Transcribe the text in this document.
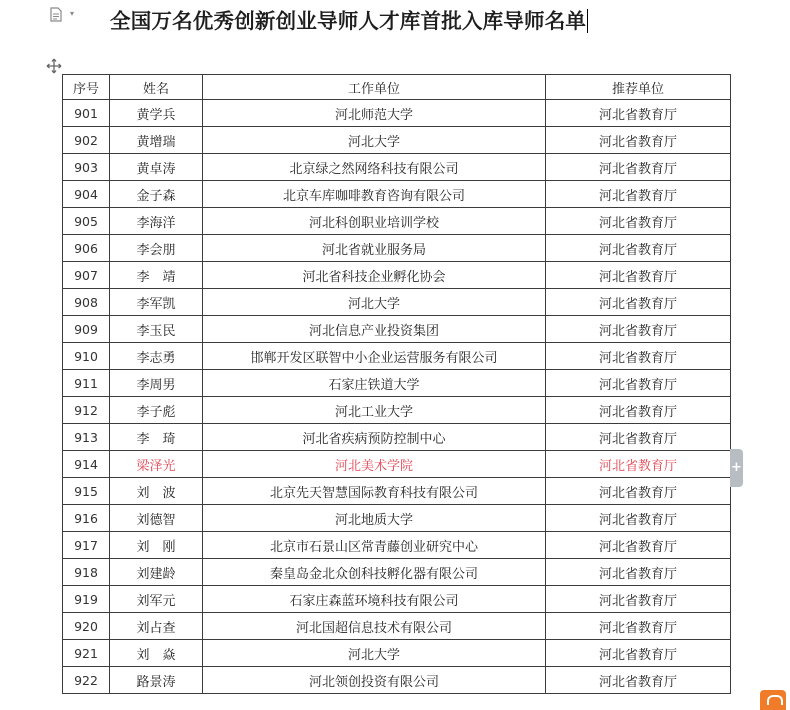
▾ 全国万名优秀创新创业导师人才库首批入库导师名单
序号	姓名	工作单位	推荐单位
901	黄学兵	河北师范大学	河北省教育厅
902	黄增瑞	河北大学	河北省教育厅
903	黄卓涛	北京绿之然网络科技有限公司	河北省教育厅
904	金子森	北京车库咖啡教育咨询有限公司	河北省教育厅
905	李海洋	河北科创职业培训学校	河北省教育厅
906	李会朋	河北省就业服务局	河北省教育厅
907	李　靖	河北省科技企业孵化协会	河北省教育厅
908	李军凯	河北大学	河北省教育厅
909	李玉民	河北信息产业投资集团	河北省教育厅
910	李志勇	邯郸开发区联智中小企业运营服务有限公司	河北省教育厅
911	李周男	石家庄铁道大学	河北省教育厅
912	李子彪	河北工业大学	河北省教育厅
913	李　琦	河北省疾病预防控制中心	河北省教育厅
914	梁泽光	河北美术学院	河北省教育厅
915	刘　波	北京先天智慧国际教育科技有限公司	河北省教育厅
916	刘德智	河北地质大学	河北省教育厅
917	刘　刚	北京市石景山区常青藤创业研究中心	河北省教育厅
918	刘建龄	秦皇岛金北众创科技孵化器有限公司	河北省教育厅
919	刘军元	石家庄森蓝环境科技有限公司	河北省教育厅
920	刘占查	河北国超信息技术有限公司	河北省教育厅
921	刘　焱	河北大学	河北省教育厅
922	路景涛	河北领创投资有限公司	河北省教育厅
+
